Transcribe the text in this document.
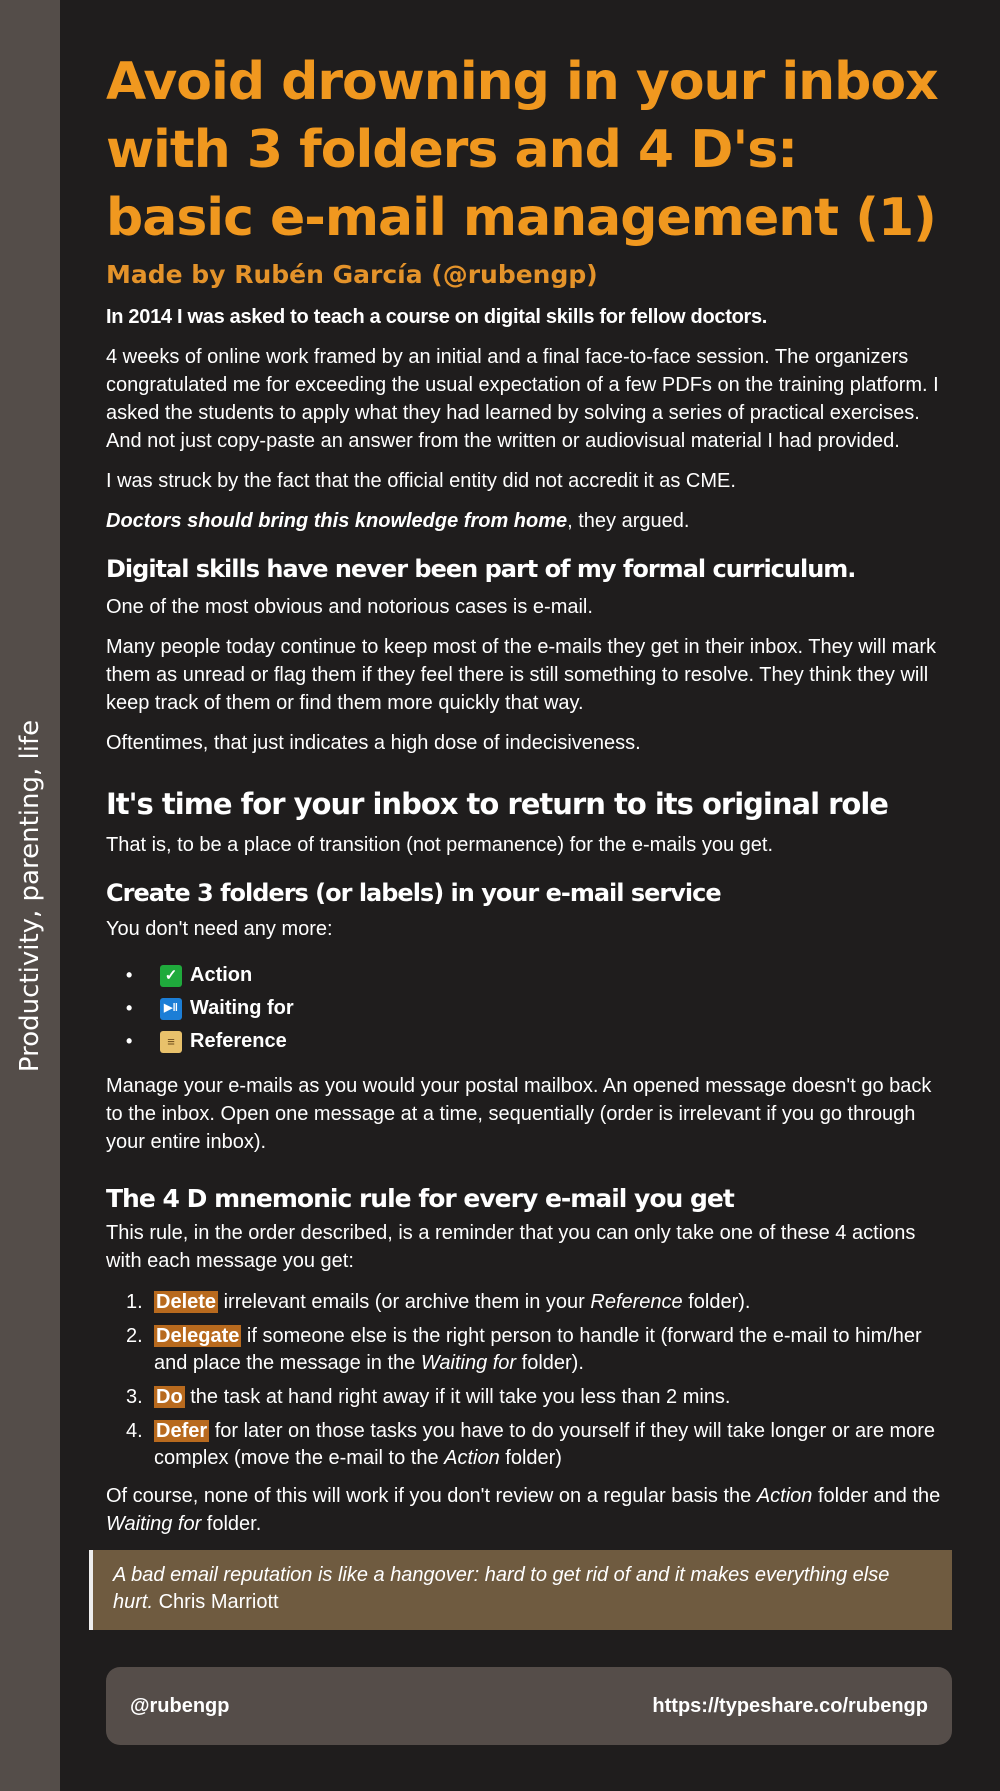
Productivity, parenting, life
Avoid drowning in your inbox with 3 folders and 4 D's: basic e-mail management (1)
Made by Rubén García (@rubengp)

In 2014 I was asked to teach a course on digital skills for fellow doctors.

4 weeks of online work framed by an initial and a final face-to-face session. The organizers congratulated me for exceeding the usual expectation of a few PDFs on the training platform. I asked the students to apply what they had learned by solving a series of practical exercises. And not just copy-paste an answer from the written or audiovisual material I had provided.

I was struck by the fact that the official entity did not accredit it as CME.

Doctors should bring this knowledge from home, they argued.

Digital skills have never been part of my formal curriculum.

One of the most obvious and notorious cases is e-mail.

Many people today continue to keep most of the e-mails they get in their inbox. They will mark them as unread or flag them if they feel there is still something to resolve. They think they will keep track of them or find them more quickly that way.

Oftentimes, that just indicates a high dose of indecisiveness.

It's time for your inbox to return to its original role

That is, to be a place of transition (not permanence) for the e-mails you get.

Create 3 folders (or labels) in your e-mail service

You don't need any more:

•	✓ Action
•	▶‖ Waiting for
•	≡ Reference

Manage your e-mails as you would your postal mailbox. An opened message doesn't go back to the inbox. Open one message at a time, sequentially (order is irrelevant if you go through your entire inbox).

The 4 D mnemonic rule for every e-mail you get

This rule, in the order described, is a reminder that you can only take one of these 4 actions with each message you get:

1. Delete irrelevant emails (or archive them in your Reference folder).
2. Delegate if someone else is the right person to handle it (forward the e-mail to him/her and place the message in the Waiting for folder).
3. Do the task at hand right away if it will take you less than 2 mins.
4. Defer for later on those tasks you have to do yourself if they will take longer or are more complex (move the e-mail to the Action folder)

Of course, none of this will work if you don't review on a regular basis the Action folder and the Waiting for folder.

A bad email reputation is like a hangover: hard to get rid of and it makes everything else hurt. Chris Marriott
@rubengp	https://typeshare.co/rubengp
